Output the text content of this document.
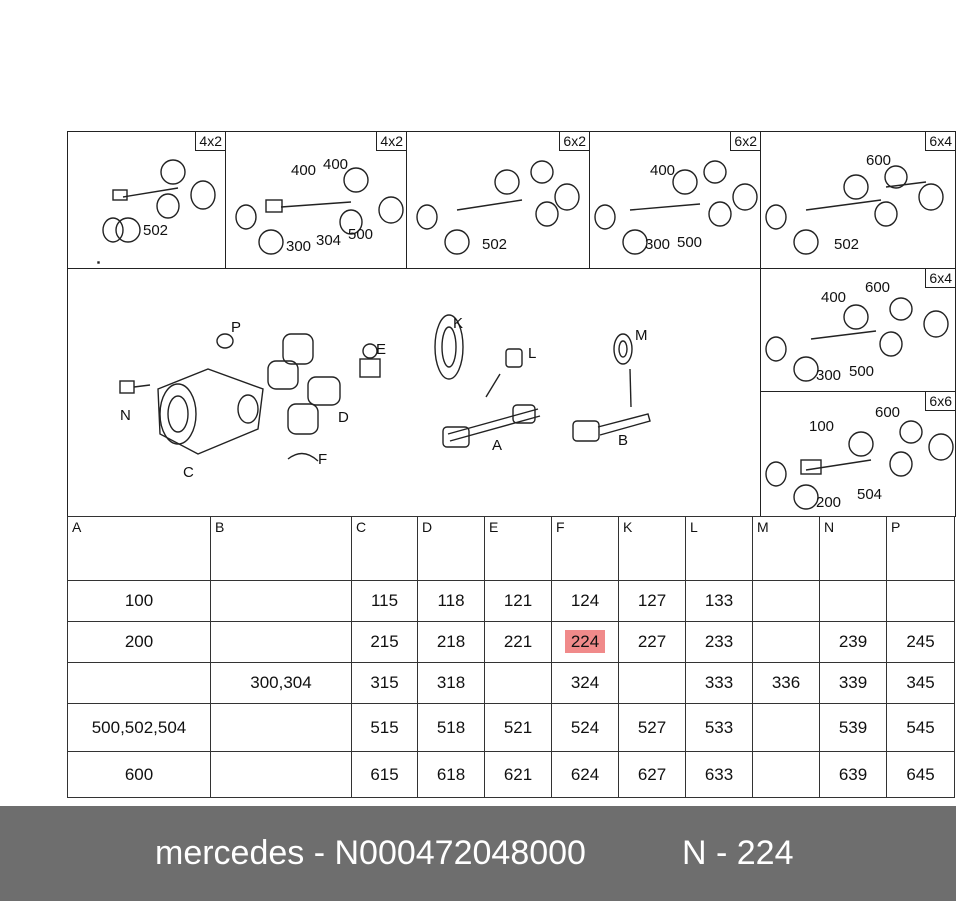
4x2
502
4x2
400 400
300 304 500
6x2
502
6x2
400
300 500
6x4
600
502
P
E
K
L
M
N
C
D
F
A	B
6x4
400
600
300 500
6x6
100
600
200 504
A	B	C	D	E	F	K	L	M	N	P

100		115	118	121	124	127	133			
200		215	218	221	224	227	233		239	245
	300,304	315	318		324		333	336	339	345
500,502,504		515	518	521	524	527	533		539	545
600		615	618	621	624	627	633		639	645
mercedes - N000472048000	N - 224
